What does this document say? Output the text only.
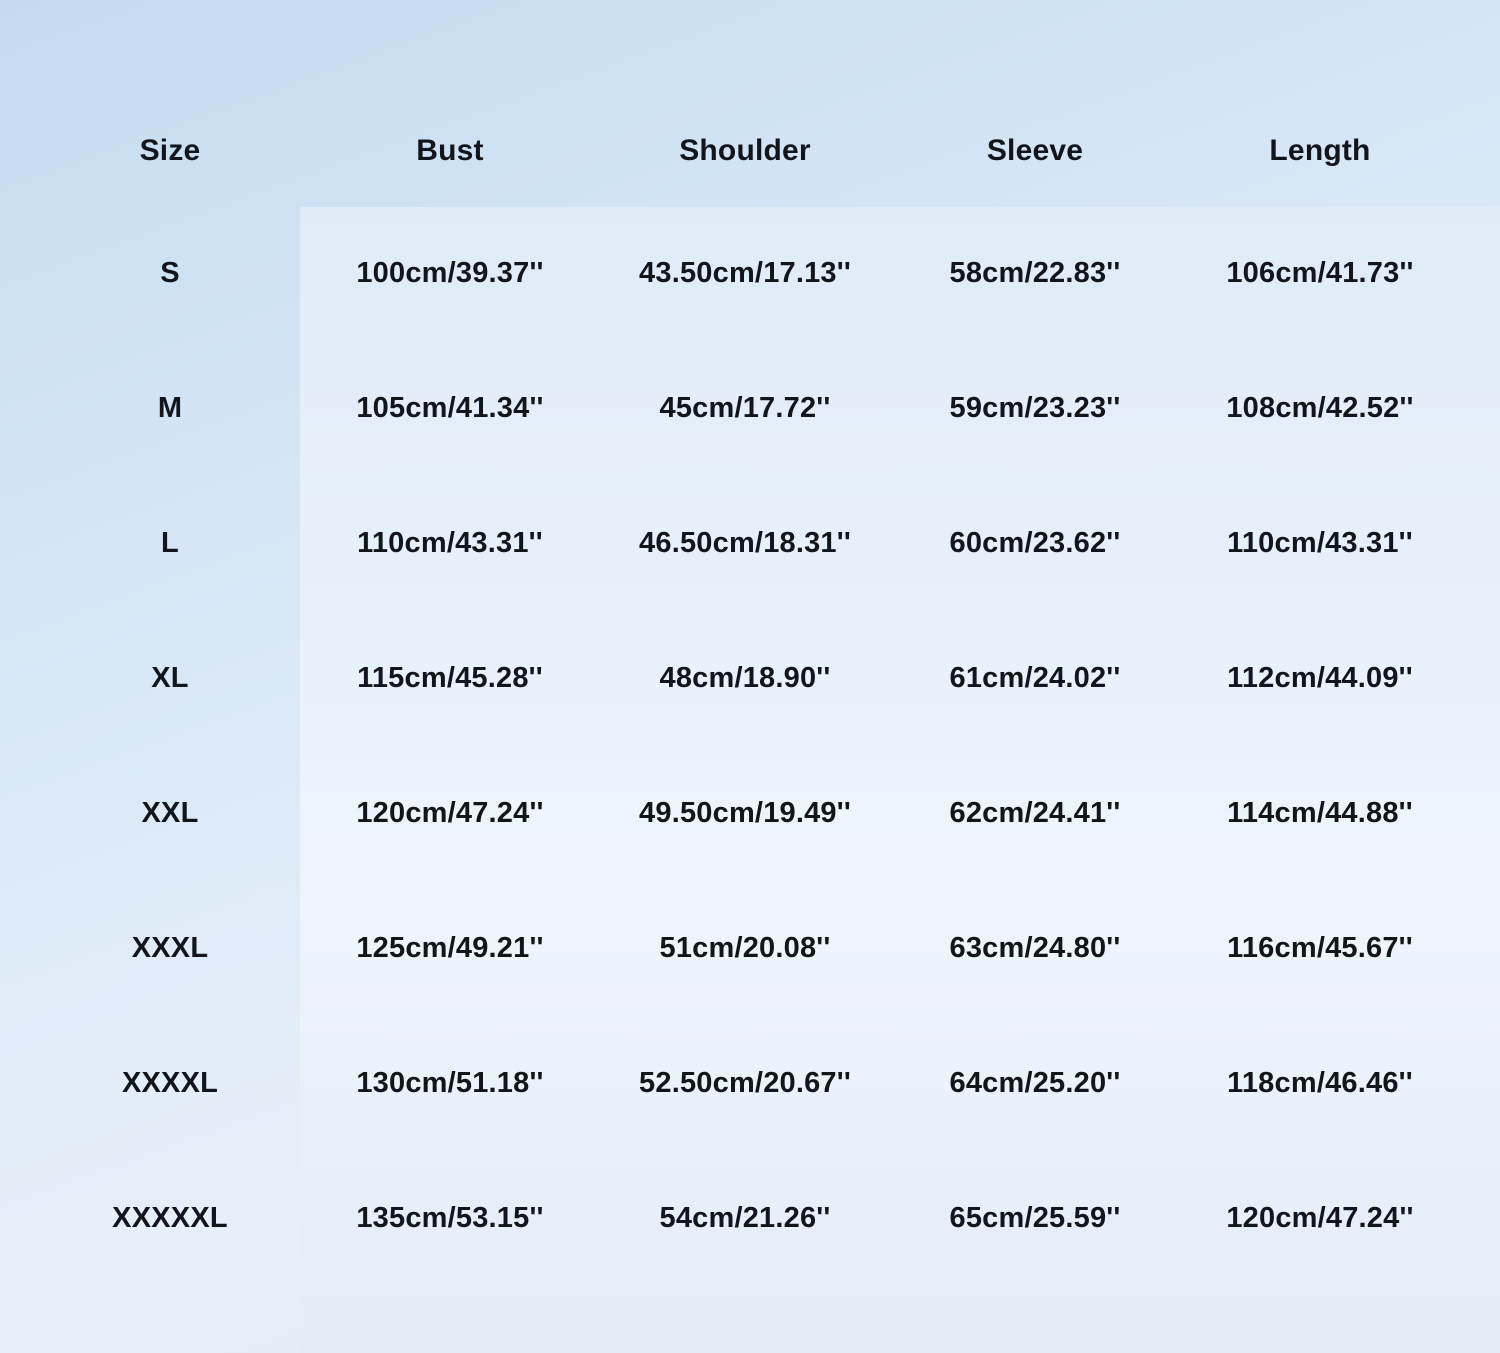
Size	Bust	Shoulder	Sleeve	Length
S	100cm/39.37''	43.50cm/17.13''	58cm/22.83''	106cm/41.73''
M	105cm/41.34''	45cm/17.72''	59cm/23.23''	108cm/42.52''
L	110cm/43.31''	46.50cm/18.31''	60cm/23.62''	110cm/43.31''
XL	115cm/45.28''	48cm/18.90''	61cm/24.02''	112cm/44.09''
XXL	120cm/47.24''	49.50cm/19.49''	62cm/24.41''	114cm/44.88''
XXXL	125cm/49.21''	51cm/20.08''	63cm/24.80''	116cm/45.67''
XXXXL	130cm/51.18''	52.50cm/20.67''	64cm/25.20''	118cm/46.46''
XXXXXL	135cm/53.15''	54cm/21.26''	65cm/25.59''	120cm/47.24''
